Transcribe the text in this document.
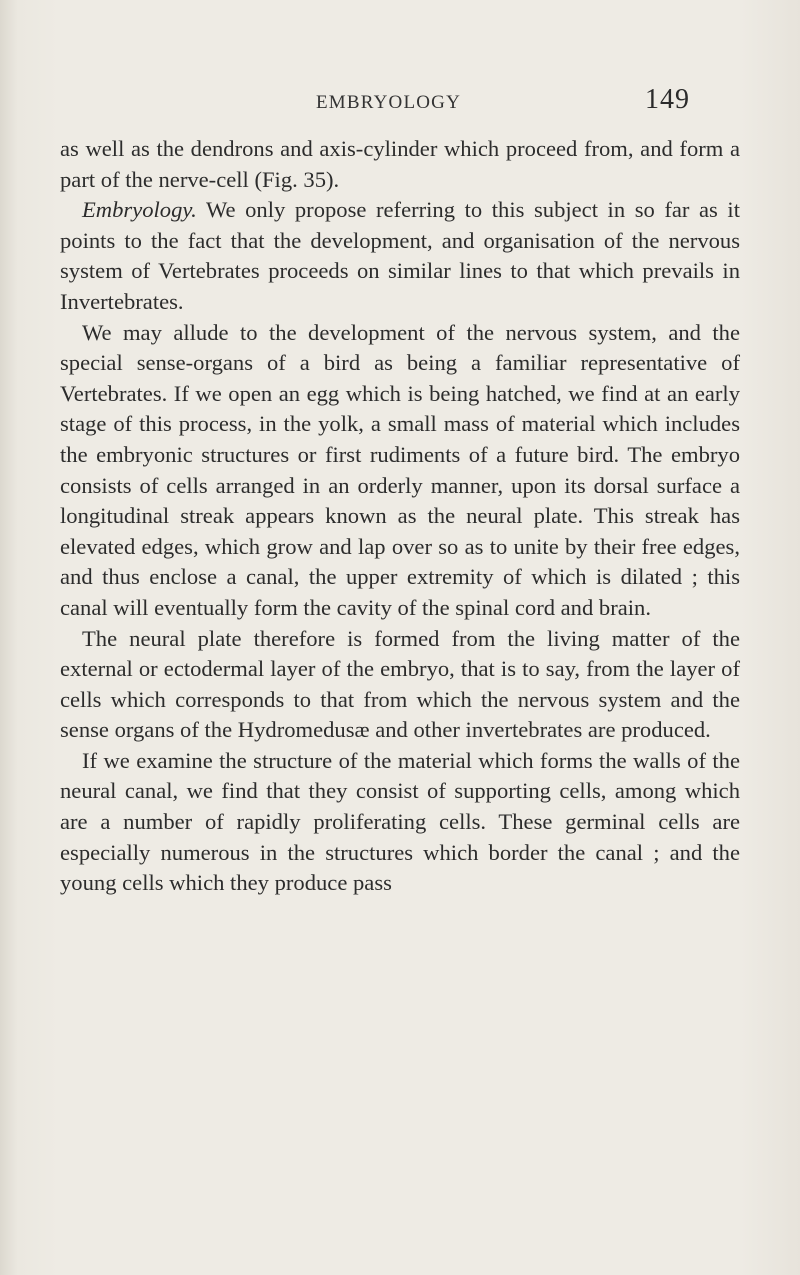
EMBRYOLOGY	149

as well as the dendrons and axis-cylinder which proceed from, and form a part of the nerve-cell (Fig. 35).

Embryology. We only propose referring to this subject in so far as it points to the fact that the development, and organisation of the nervous system of Vertebrates proceeds on similar lines to that which prevails in Invertebrates.

We may allude to the development of the nervous system, and the special sense-organs of a bird as being a familiar representative of Vertebrates. If we open an egg which is being hatched, we find at an early stage of this process, in the yolk, a small mass of material which includes the embryonic structures or first rudiments of a future bird. The embryo consists of cells arranged in an orderly manner, upon its dorsal surface a longitudinal streak appears known as the neural plate. This streak has elevated edges, which grow and lap over so as to unite by their free edges, and thus enclose a canal, the upper extremity of which is dilated ; this canal will eventually form the cavity of the spinal cord and brain.

The neural plate therefore is formed from the living matter of the external or ectodermal layer of the embryo, that is to say, from the layer of cells which corresponds to that from which the nervous system and the sense organs of the Hydromedusæ and other invertebrates are produced.

If we examine the structure of the material which forms the walls of the neural canal, we find that they consist of supporting cells, among which are a number of rapidly proliferating cells. These germinal cells are especially numerous in the structures which border the canal ; and the young cells which they produce pass
